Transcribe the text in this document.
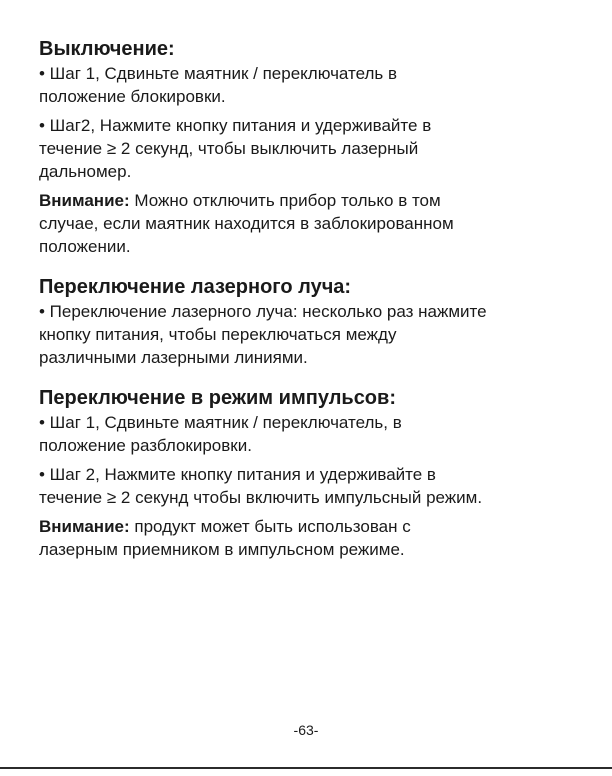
Выключение:

• Шаг 1, Сдвиньте маятник / переключатель в
положение блокировки.

• Шаг2, Нажмите кнопку питания и удерживайте в
течение ≥ 2 секунд, чтобы выключить лазерный
дальномер.

Внимание: Можно отключить прибор только в том
случае, если маятник находится в заблокированном
положении.

Переключение лазерного луча:

• Переключение лазерного луча: несколько раз нажмите
кнопку питания, чтобы переключаться между
различными лазерными линиями.

Переключение в режим импульсов:

• Шаг 1, Сдвиньте маятник / переключатель, в
положение разблокировки.

• Шаг 2, Нажмите кнопку питания и удерживайте в
течение ≥ 2 секунд чтобы включить импульсный режим.

Внимание: продукт может быть использован с
лазерным приемником в импульсном режиме.

-63-
